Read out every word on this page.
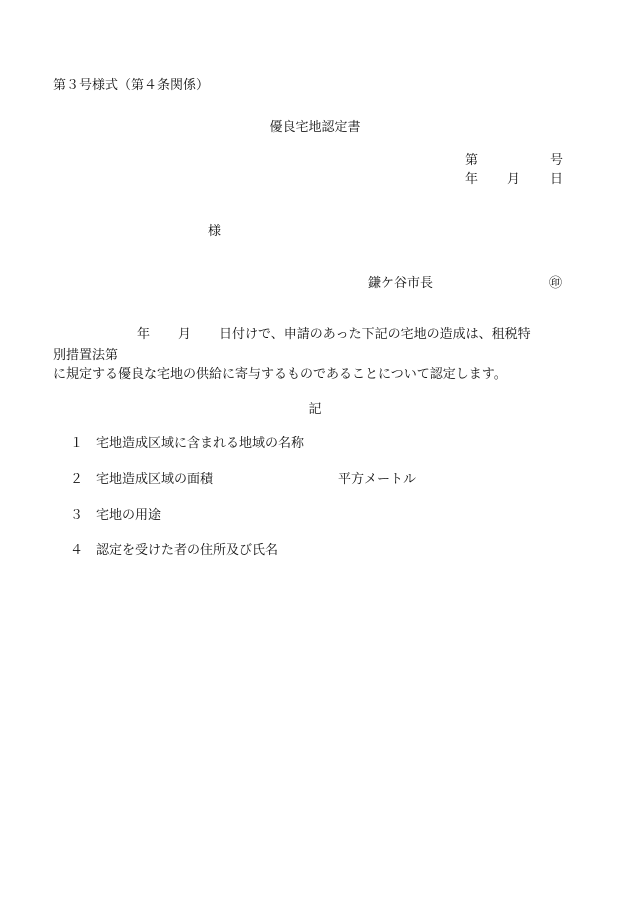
第３号様式（第４条関係）
優良宅地認定書
第	号
年 月 日
様
鎌ケ谷市長	㊞
年 月 日付けで、申請のあった下記の宅地の造成は、租税特
別措置法第
に規定する優良な宅地の供給に寄与するものであることについて認定します。
記
１ 宅地造成区域に含まれる地域の名称
２ 宅地造成区域の面積	平方メートル
３ 宅地の用途
４ 認定を受けた者の住所及び氏名
